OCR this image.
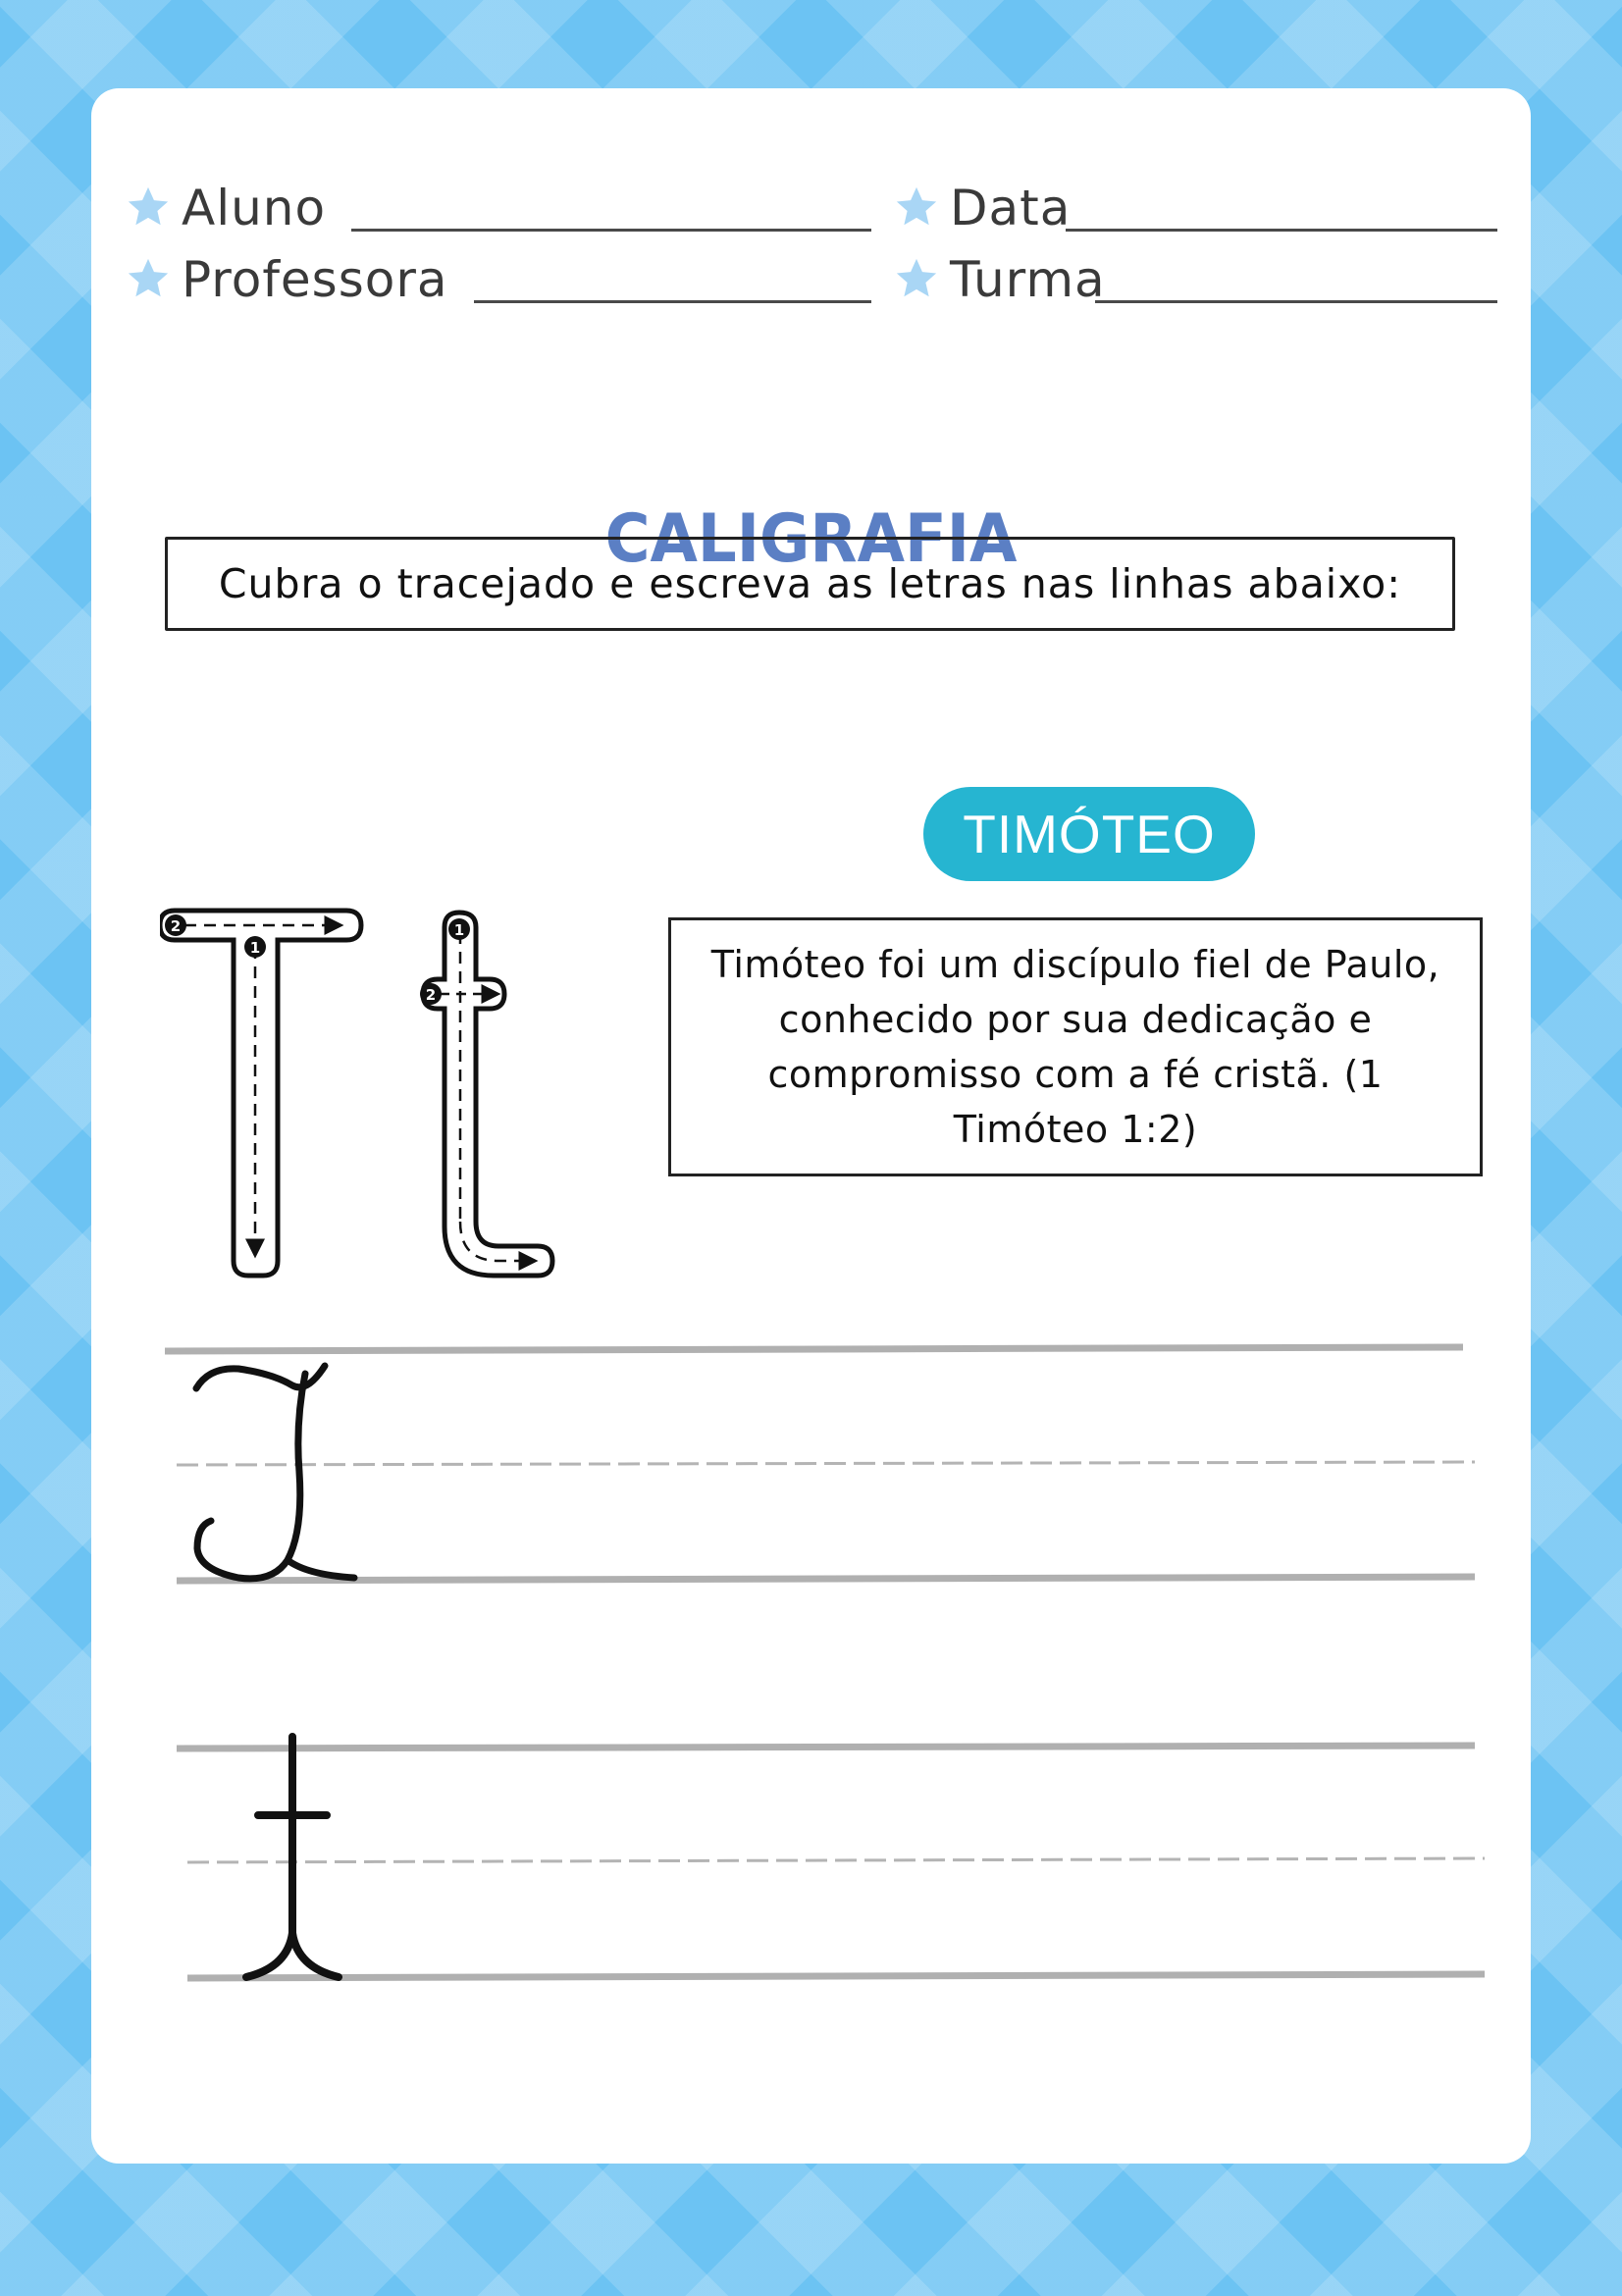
Aluno	Data
Professora	Turma
CALIGRAFIA
Cubra o tracejado e escreva as letras nas linhas abaixo:
TIMÓTEO
Timóteo foi um discípulo fiel de Paulo, conhecido por sua dedicação e compromisso com a fé cristã. (1 Timóteo 1:2)
2
1
1
2
